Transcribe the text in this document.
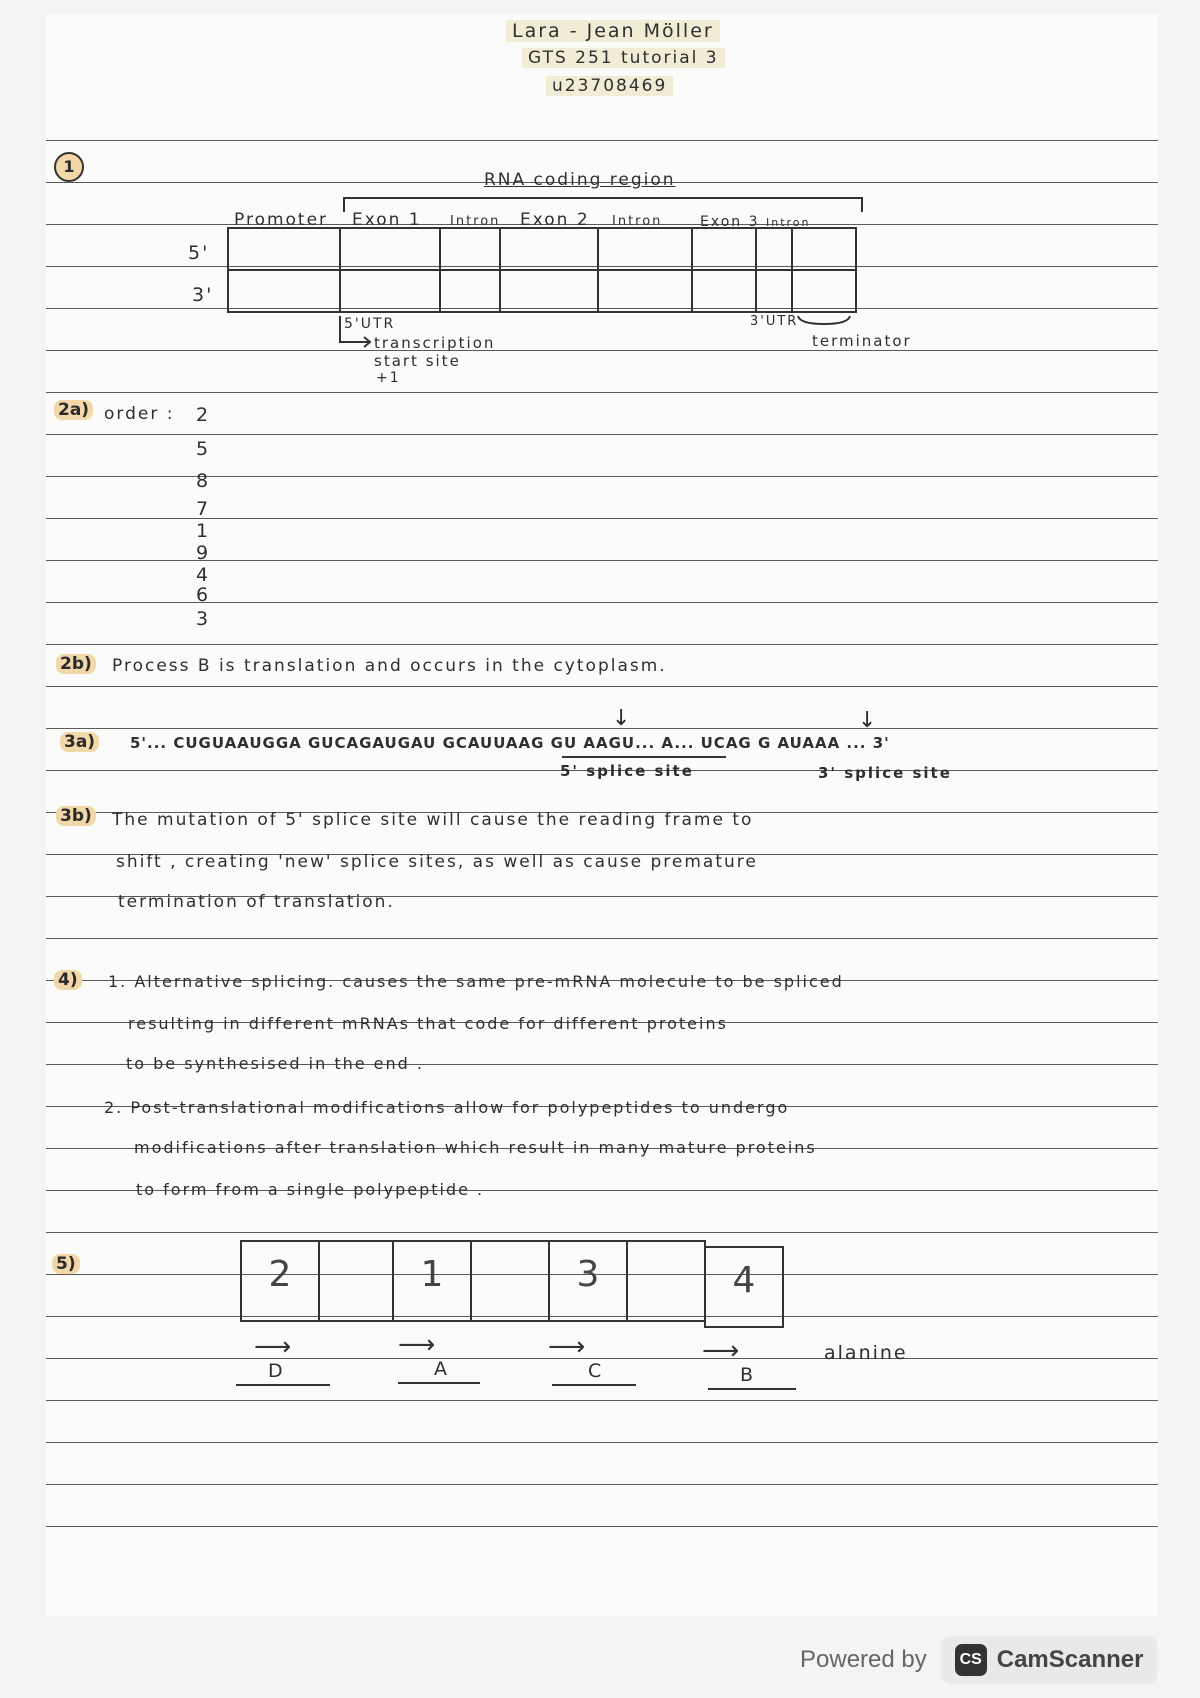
Lara - Jean Möller
GTS 251 tutorial 3
u23708469
1
RNA coding region
Promoter Exon 1 Intron Exon 2 Intron	Exon 3 Intron
5'
3'
5'UTR
transcription
start site
+1
3'UTR
terminator
2a) order : 2
5
8
7
1
9
4
6
3
2b) Process B is translation and occurs in the cytoplasm.
3a) 5'... CUGUAAUGGA GUCAGAUGAU GCAUUAAG GU AAGU... A... UCAG G AUAAA ... 3'
↓	↓
5' splice site	3' splice site
3b) The mutation of 5' splice site will cause the reading frame to
shift , creating 'new' splice sites, as well as cause premature
termination of translation.
4) 1. Alternative splicing. causes the same pre-mRNA molecule to be spliced
resulting in different mRNAs that code for different proteins
to be synthesised in the end .
2. Post-translational modifications allow for polypeptides to undergo
modifications after translation which result in many mature proteins
to form from a single polypeptide .
5)	2	1	3	4
⟶	⟶	⟶	⟶	alanine
D	A	C	B
Powered by	CS CamScanner
